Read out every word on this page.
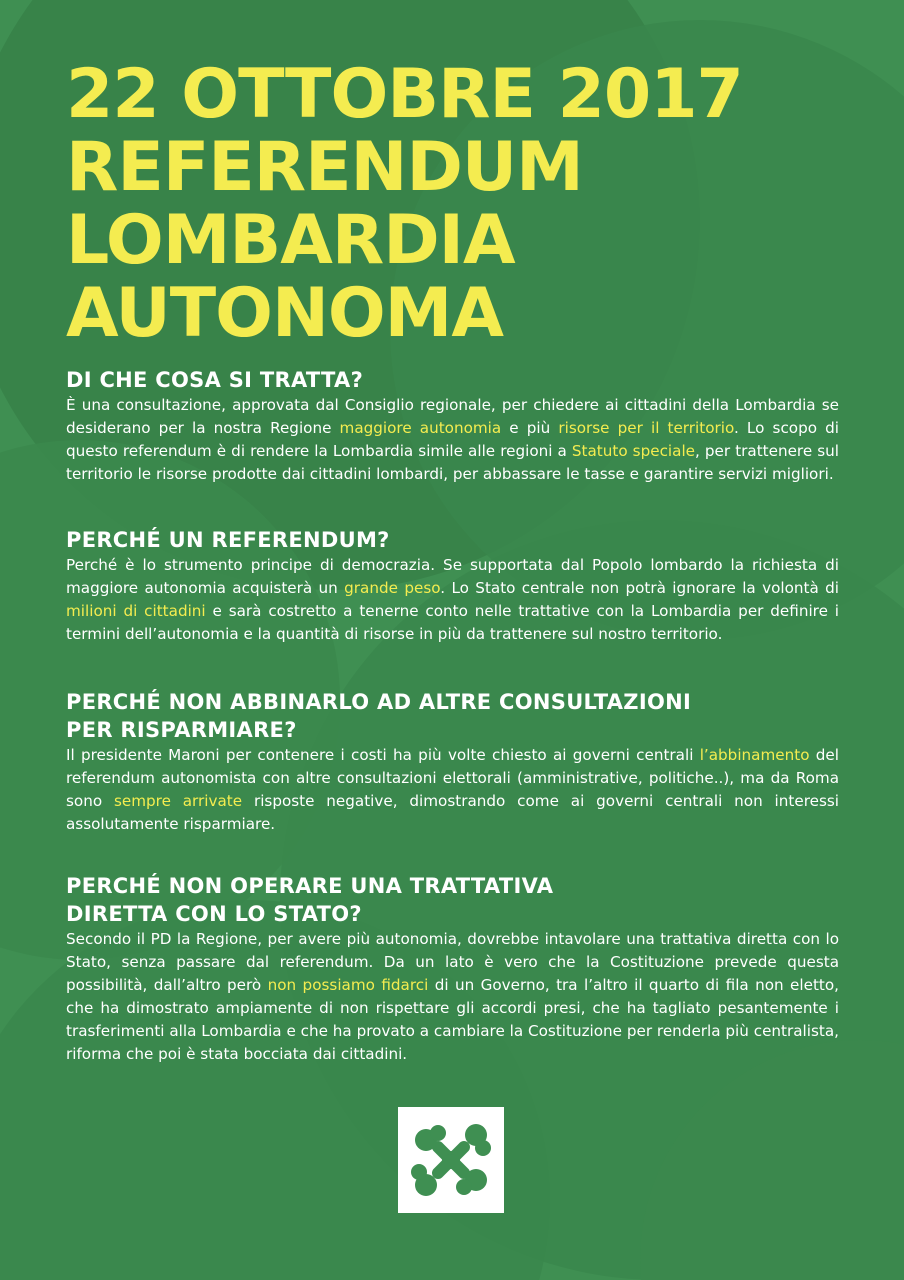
22 OTTOBRE 2017
REFERENDUM
LOMBARDIA
AUTONOMA
DI CHE COSA SI TRATTA?

È una consultazione, approvata dal Consiglio regionale, per chiedere ai cittadini della Lombardia se desiderano per la nostra Regione maggiore autonomia e più risorse per il territorio. Lo scopo di questo referendum è di rendere la Lombardia simile alle regioni a Statuto speciale, per trattenere sul territorio le risorse prodotte dai cittadini lombardi, per abbassare le tasse e garantire servizi migliori.

PERCHÉ UN REFERENDUM?

Perché è lo strumento principe di democrazia. Se supportata dal Popolo lombardo la richiesta di maggiore autonomia acquisterà un grande peso. Lo Stato centrale non potrà ignorare la volontà di milioni di cittadini e sarà costretto a tenerne conto nelle trattative con la Lombardia per definire i termini dell’autonomia e la quantità di risorse in più da trattenere sul nostro territorio.

PERCHÉ NON ABBINARLO AD ALTRE CONSULTAZIONI
PER RISPARMIARE?

Il presidente Maroni per contenere i costi ha più volte chiesto ai governi centrali l’abbinamento del referendum autonomista con altre consultazioni elettorali (amministrative, politiche..), ma da Roma sono sempre arrivate risposte negative, dimostrando come ai governi centrali non interessi assolutamente risparmiare.

PERCHÉ NON OPERARE UNA TRATTATIVA
DIRETTA CON LO STATO?

Secondo il PD la Regione, per avere più autonomia, dovrebbe intavolare una trattativa diretta con lo Stato, senza passare dal referendum. Da un lato è vero che la Costituzione prevede questa possibilità, dall’altro però non possiamo fidarci di un Governo, tra l’altro il quarto di fila non eletto, che ha dimostrato ampiamente di non rispettare gli accordi presi, che ha tagliato pesantemente i trasferimenti alla Lombardia e che ha provato a cambiare la Costituzione per renderla più centralista, riforma che poi è stata bocciata dai cittadini.
